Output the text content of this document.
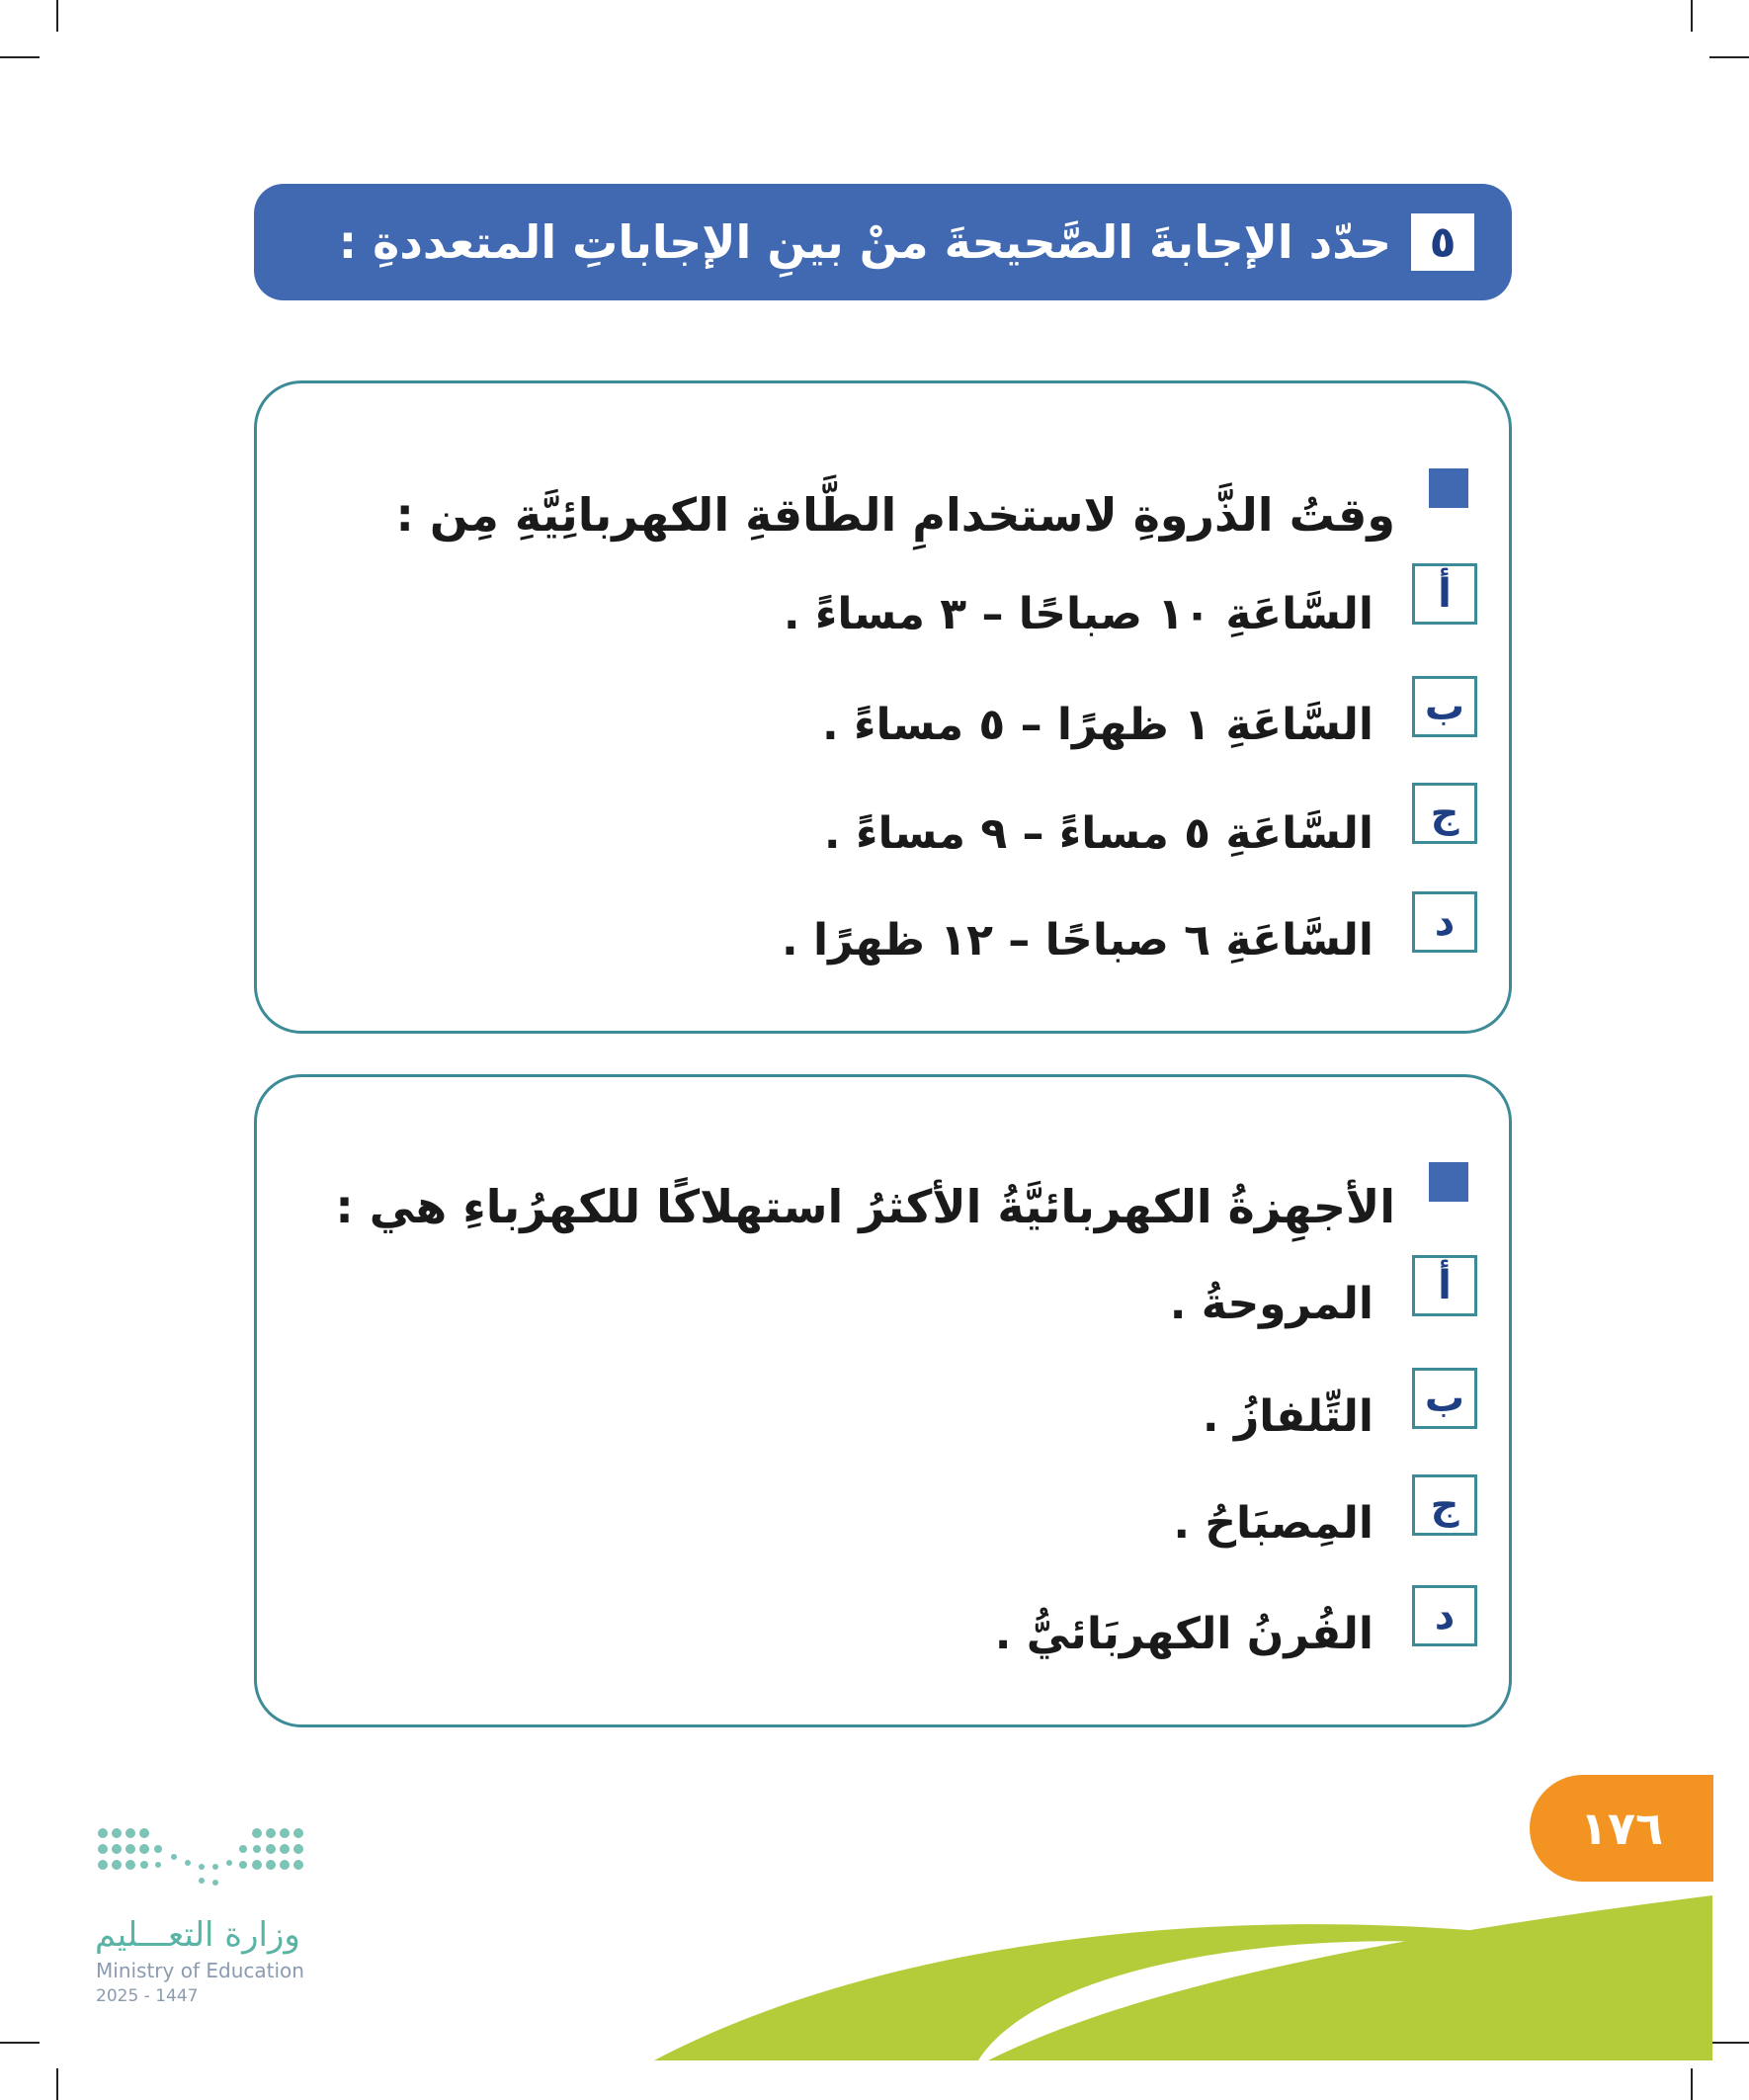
٥
حدّد الإجابةَ الصَّحيحةَ منْ بينِ الإجاباتِ المتعددةِ :
وقتُ الذَّروةِ لاستخدامِ الطَّاقةِ الكهربائِيَّةِ مِن :
أ
السَّاعَةِ ١٠ صباحًا – ٣ مساءً .
ب
السَّاعَةِ ١ ظهرًا – ٥ مساءً .
ج
السَّاعَةِ ٥ مساءً – ٩ مساءً .
د
السَّاعَةِ ٦ صباحًا – ١٢ ظهرًا .
الأجهِزةُ الكهربائيَّةُ الأكثرُ استهلاكًا للكهرُباءِ هي :
أ
المروحةُ .
ب
التِّلفازُ .
ج
المِصبَاحُ .
د
الفُرنُ الكهربَائيُّ .
١٧٦
وزارة التعـــليم
Ministry of Education
2025 - 1447
